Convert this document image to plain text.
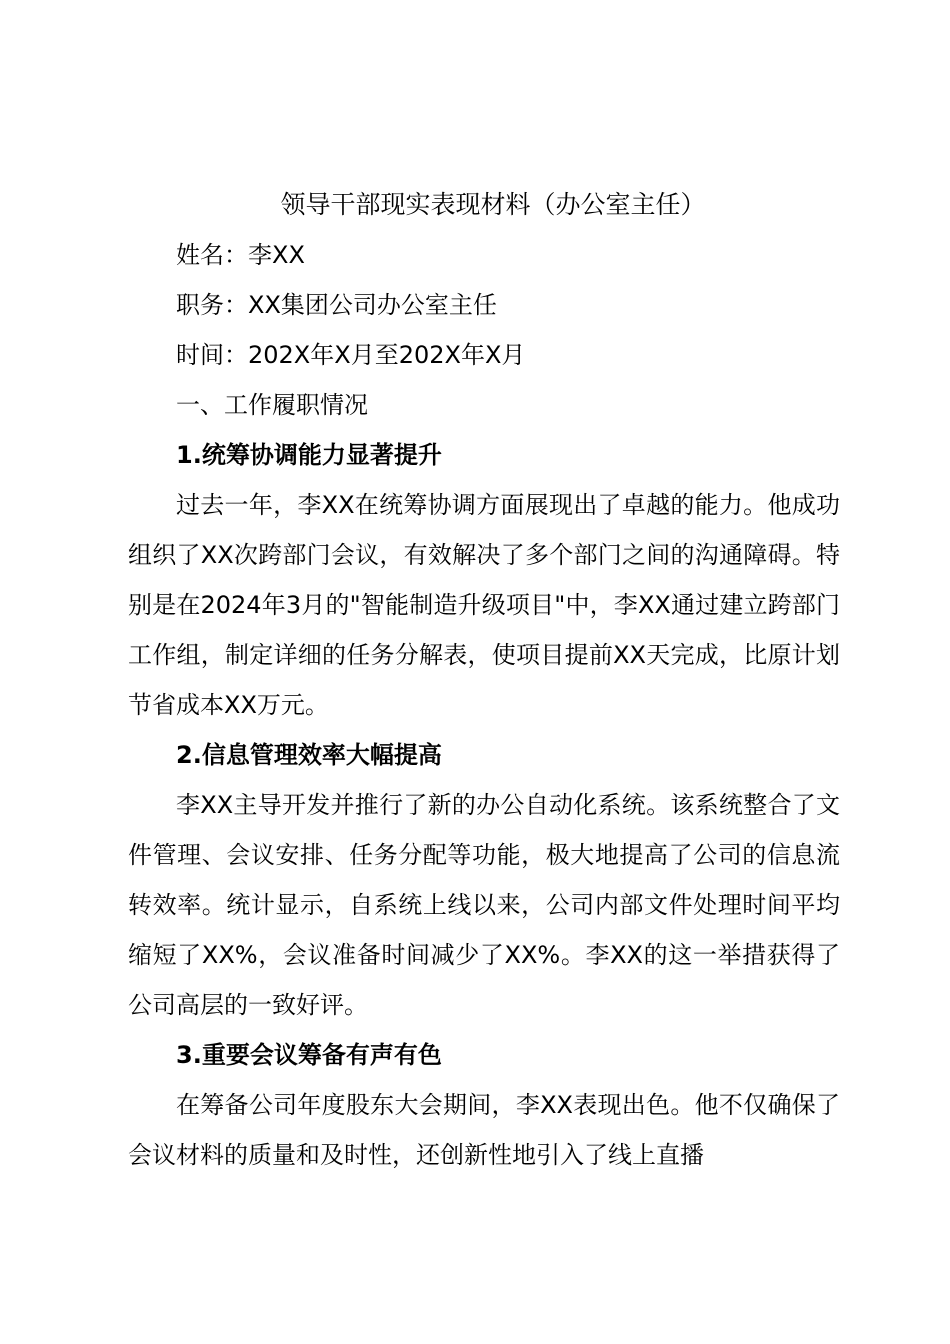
领导干部现实表现材料（办公室主任）

姓名：李XX

职务：XX集团公司办公室主任

时间：202X年X月至202X年X月

一、工作履职情况

1.统筹协调能力显著提升

过去一年，李XX在统筹协调方面展现出了卓越的能力。他成功组织了XX次跨部门会议，有效解决了多个部门之间的沟通障碍。特别是在2024年3月的"智能制造升级项目"中，李XX通过建立跨部门工作组，制定详细的任务分解表，使项目提前XX天完成，比原计划节省成本XX万元。

2.信息管理效率大幅提高

李XX主导开发并推行了新的办公自动化系统。该系统整合了文件管理、会议安排、任务分配等功能，极大地提高了公司的信息流转效率。统计显示，自系统上线以来，公司内部文件处理时间平均缩短了XX%，会议准备时间减少了XX%。李XX的这一举措获得了公司高层的一致好评。

3.重要会议筹备有声有色

在筹备公司年度股东大会期间，李XX表现出色。他不仅确保了会议材料的质量和及时性，还创新性地引入了线上直播
